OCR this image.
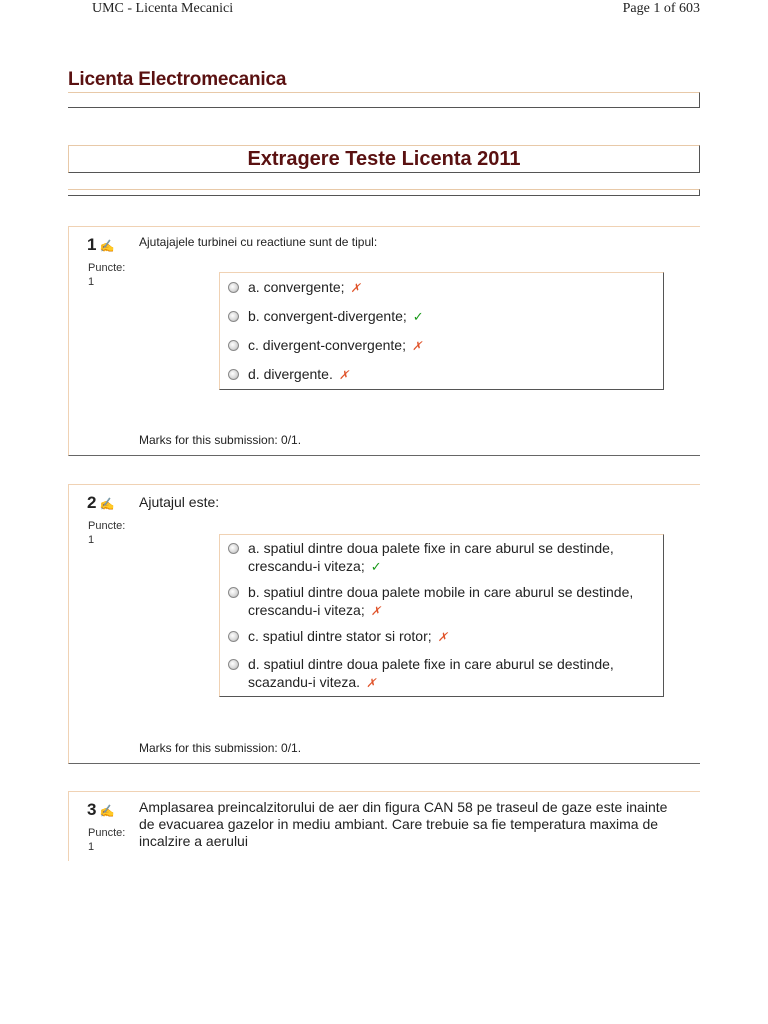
UMC - Licenta Mecanici	Page 1 of 603
Licenta Electromecanica
Extragere Teste Licenta 2011
1 ✍
Puncte:
1
Ajutajajele turbinei cu reactiune sunt de tipul:
a. convergente; ✗
b. convergent-divergente; ✓
c. divergent-convergente; ✗
d. divergente. ✗
Marks for this submission: 0/1.
2 ✍
Puncte:
1
Ajutajul este:
a. spatiul dintre doua palete fixe in care aburul se destinde, crescandu-i viteza; ✓
b. spatiul dintre doua palete mobile in care aburul se destinde, crescandu-i viteza; ✗
c. spatiul dintre stator si rotor; ✗
d. spatiul dintre doua palete fixe in care aburul se destinde, scazandu-i viteza. ✗
Marks for this submission: 0/1.
3 ✍
Puncte:
1
Amplasarea preincalzitorului de aer din figura CAN 58 pe traseul de gaze este inainte de evacuarea gazelor in mediu ambiant. Care trebuie sa fie temperatura maxima de incalzire a aerului
